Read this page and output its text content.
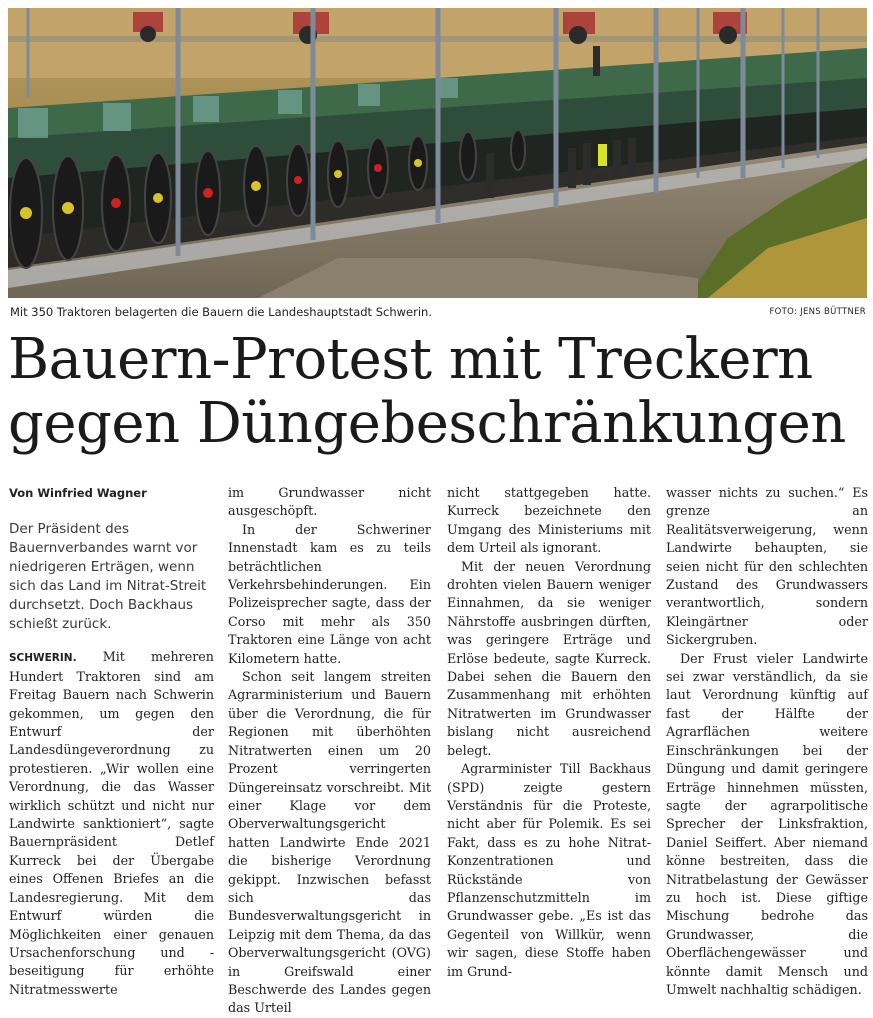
Mit 350 Traktoren belagerten die Bauern die Landeshauptstadt Schwerin.	FOTO: JENS BÜTTNER
Bauern-Protest mit Treckern
gegen Düngebeschränkungen

Von Winfried Wagner

Der Präsident des Bauernverbandes warnt vor niedrigeren Erträgen, wenn sich das Land im Nitrat-Streit durchsetzt. Doch Backhaus schießt zurück.

SCHWERIN. Mit mehreren Hundert Traktoren sind am Freitag Bauern nach Schwerin gekommen, um gegen den Entwurf der Landesdüngeverordnung zu protestieren. „Wir wollen eine Verordnung, die das Wasser wirklich schützt und nicht nur Landwirte sanktioniert“, sagte Bauernpräsident Detlef Kurreck bei der Übergabe eines Offenen Briefes an die Landesregierung. Mit dem Entwurf würden die Möglichkeiten einer genauen Ursachenforschung und -beseitigung für erhöhte Nitratmesswerte

im Grundwasser nicht ausgeschöpft.

In der Schweriner Innenstadt kam es zu teils beträchtlichen Verkehrsbehinderungen. Ein Polizeisprecher sagte, dass der Corso mit mehr als 350 Traktoren eine Länge von acht Kilometern hatte.

Schon seit langem streiten Agrarministerium und Bauern über die Verordnung, die für Regionen mit überhöhten Nitratwerten einen um 20 Prozent verringerten Düngereinsatz vorschreibt. Mit einer Klage vor dem Oberverwaltungsgericht hatten Landwirte Ende 2021 die bisherige Verordnung gekippt. Inzwischen befasst sich das Bundesverwaltungsgericht in Leipzig mit dem Thema, da das Oberverwaltungsgericht (OVG) in Greifswald einer Beschwerde des Landes gegen das Urteil

nicht stattgegeben hatte. Kurreck bezeichnete den Umgang des Ministeriums mit dem Urteil als ignorant.

Mit der neuen Verordnung drohten vielen Bauern weniger Einnahmen, da sie weniger Nährstoffe ausbringen dürften, was geringere Erträge und Erlöse bedeute, sagte Kurreck. Dabei sehen die Bauern den Zusammenhang mit erhöhten Nitratwerten im Grundwasser bislang nicht ausreichend belegt.

Agrarminister Till Backhaus (SPD) zeigte gestern Verständnis für die Proteste, nicht aber für Polemik. Es sei Fakt, dass es zu hohe Nitrat-Konzentrationen und Rückstände von Pflanzenschutzmitteln im Grundwasser gebe. „Es ist das Gegenteil von Willkür, wenn wir sagen, diese Stoffe haben im Grund-

wasser nichts zu suchen.“ Es grenze an Realitätsverweigerung, wenn Landwirte behaupten, sie seien nicht für den schlechten Zustand des Grundwassers verantwortlich, sondern Kleingärtner oder Sickergruben.

Der Frust vieler Landwirte sei zwar verständlich, da sie laut Verordnung künftig auf fast der Hälfte der Agrarflächen weitere Einschränkungen bei der Düngung und damit geringere Erträge hinnehmen müssten, sagte der agrarpolitische Sprecher der Linksfraktion, Daniel Seiffert. Aber niemand könne bestreiten, dass die Nitratbelastung der Gewässer zu hoch ist. Diese giftige Mischung bedrohe das Grundwasser, die Oberflächengewässer und könnte damit Mensch und Umwelt nachhaltig schädigen.
